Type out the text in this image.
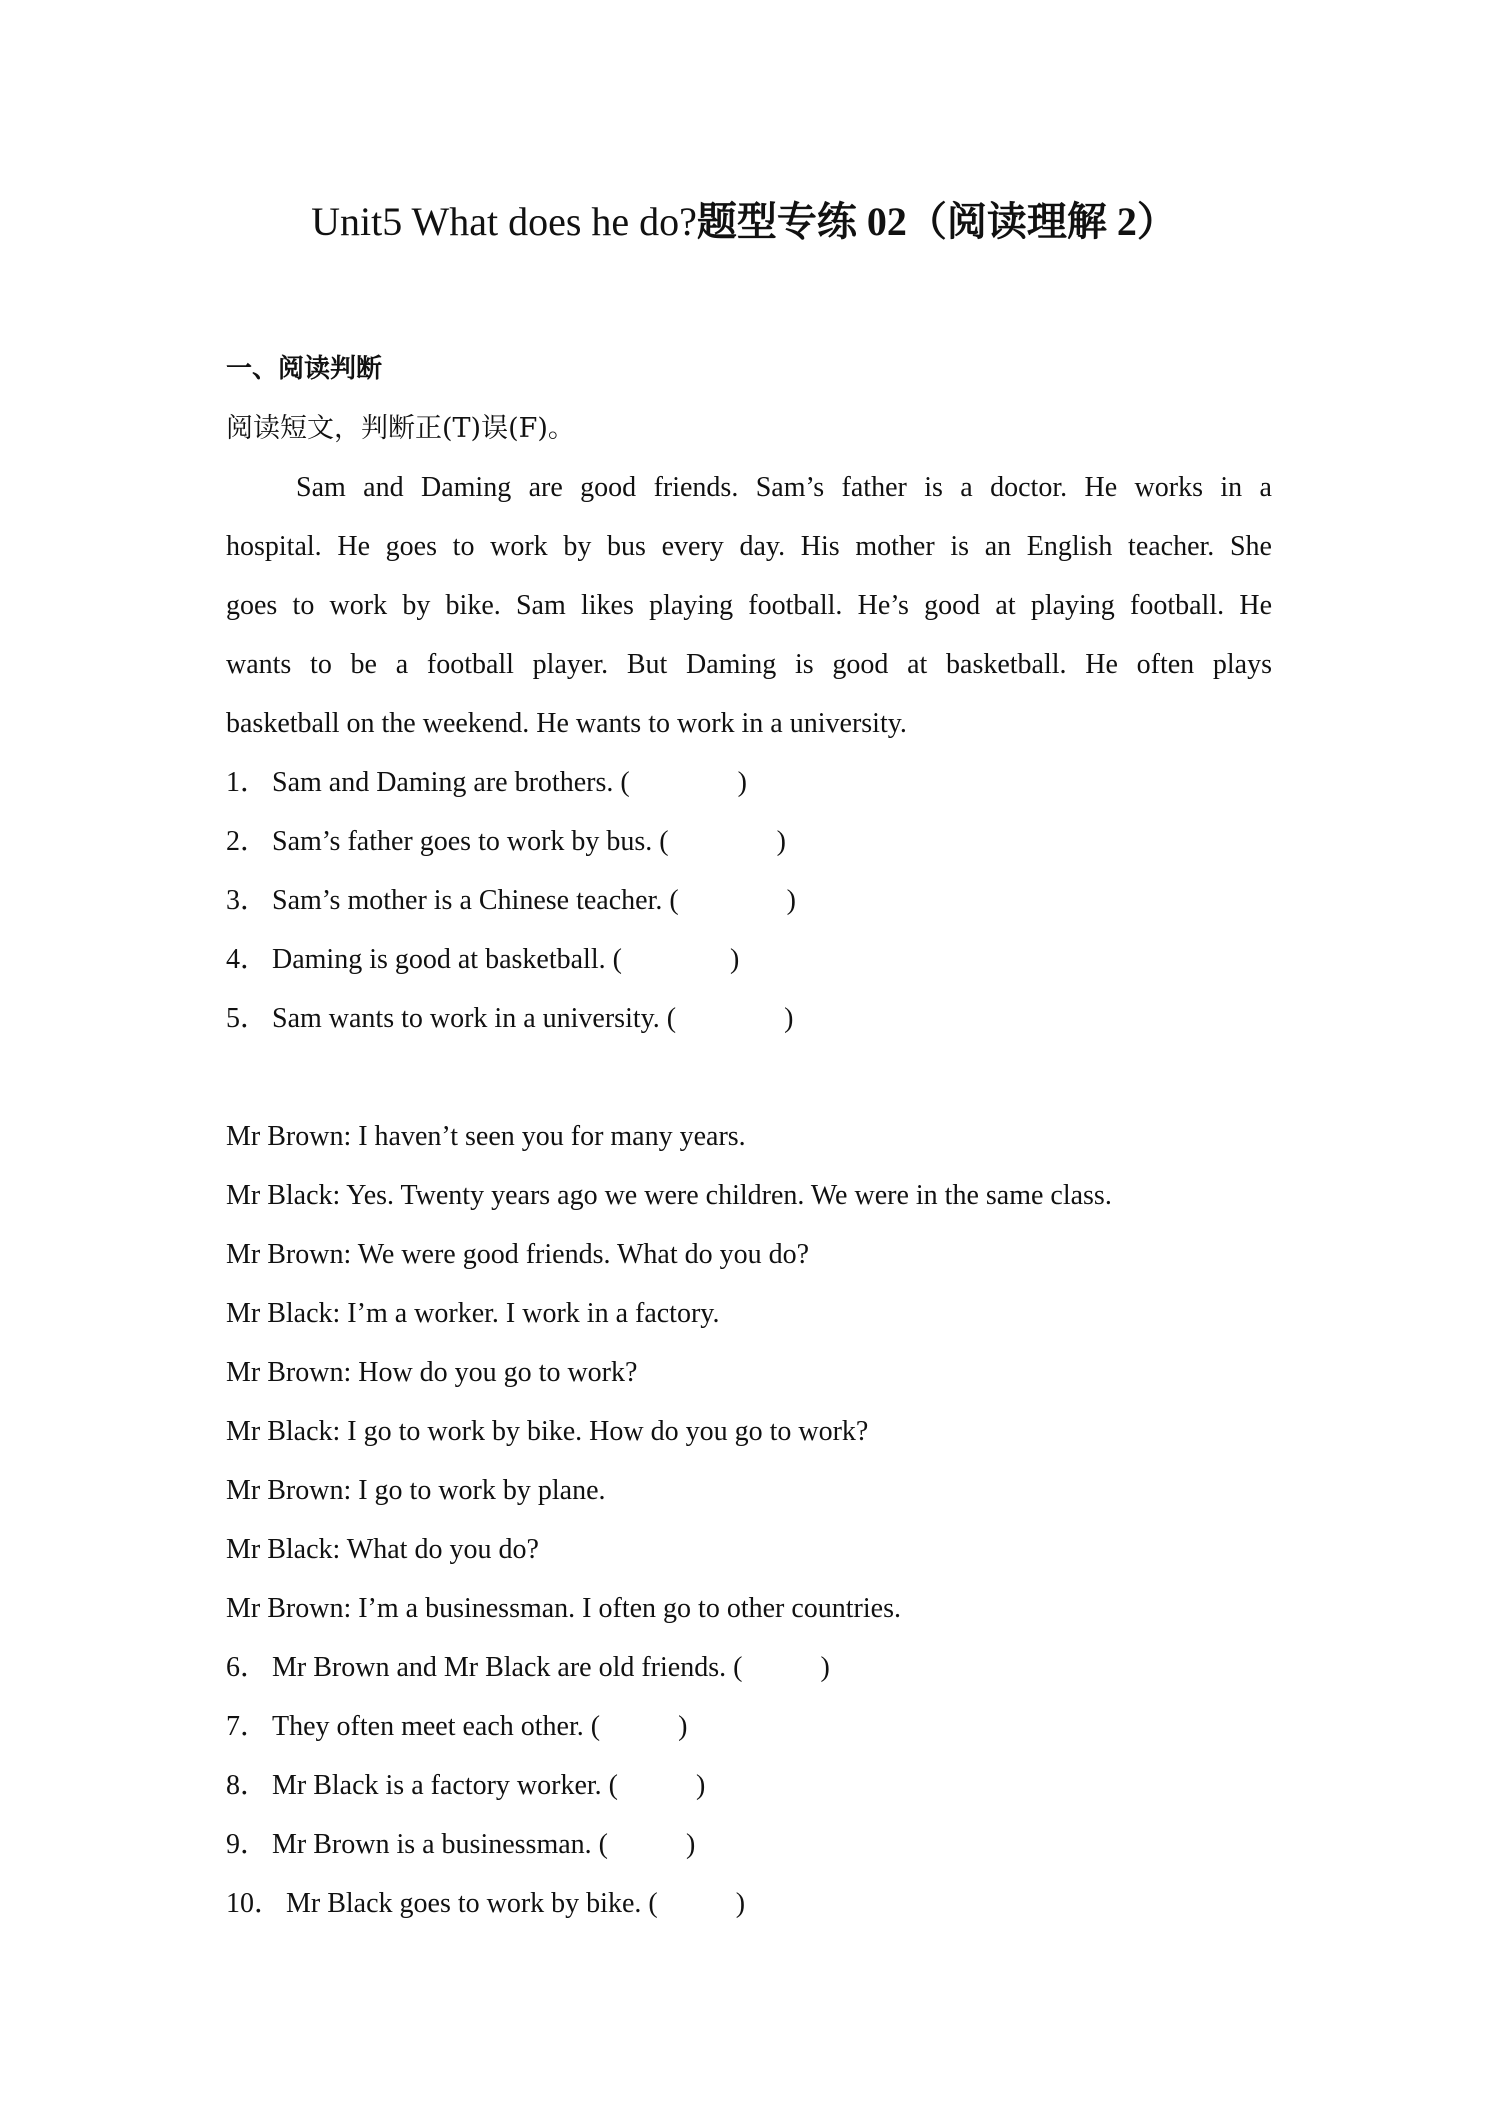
Unit5 What does he do?题型专练 02（阅读理解 2）
一、阅读判断
阅读短文，判断正(T)误(F)。

Sam and Daming are good friends. Sam’s father is a doctor. He works in a

hospital. He goes to work by bus every day. His mother is an English teacher. She

goes to work by bike. Sam likes playing football. He’s good at playing football. He

wants to be a football player. But Daming is good at basketball. He often plays

basketball on the weekend. He wants to work in a university.

1． Sam and Daming are brothers. (	)
2． Sam’s father goes to work by bus. (	)
3． Sam’s mother is a Chinese teacher. (	)
4． Daming is good at basketball. (	)
5． Sam wants to work in a university. (	)
Mr Brown: I haven’t seen you for many years.
Mr Black: Yes. Twenty years ago we were children. We were in the same class.
Mr Brown: We were good friends. What do you do?
Mr Black: I’m a worker. I work in a factory.
Mr Brown: How do you go to work?
Mr Black: I go to work by bike. How do you go to work?
Mr Brown: I go to work by plane.
Mr Black: What do you do?
Mr Brown: I’m a businessman. I often go to other countries.
6． Mr Brown and Mr Black are old friends. (	)
7． They often meet each other. (	)
8． Mr Black is a factory worker. (	)
9． Mr Brown is a businessman. (	)
10． Mr Black goes to work by bike. (	)
